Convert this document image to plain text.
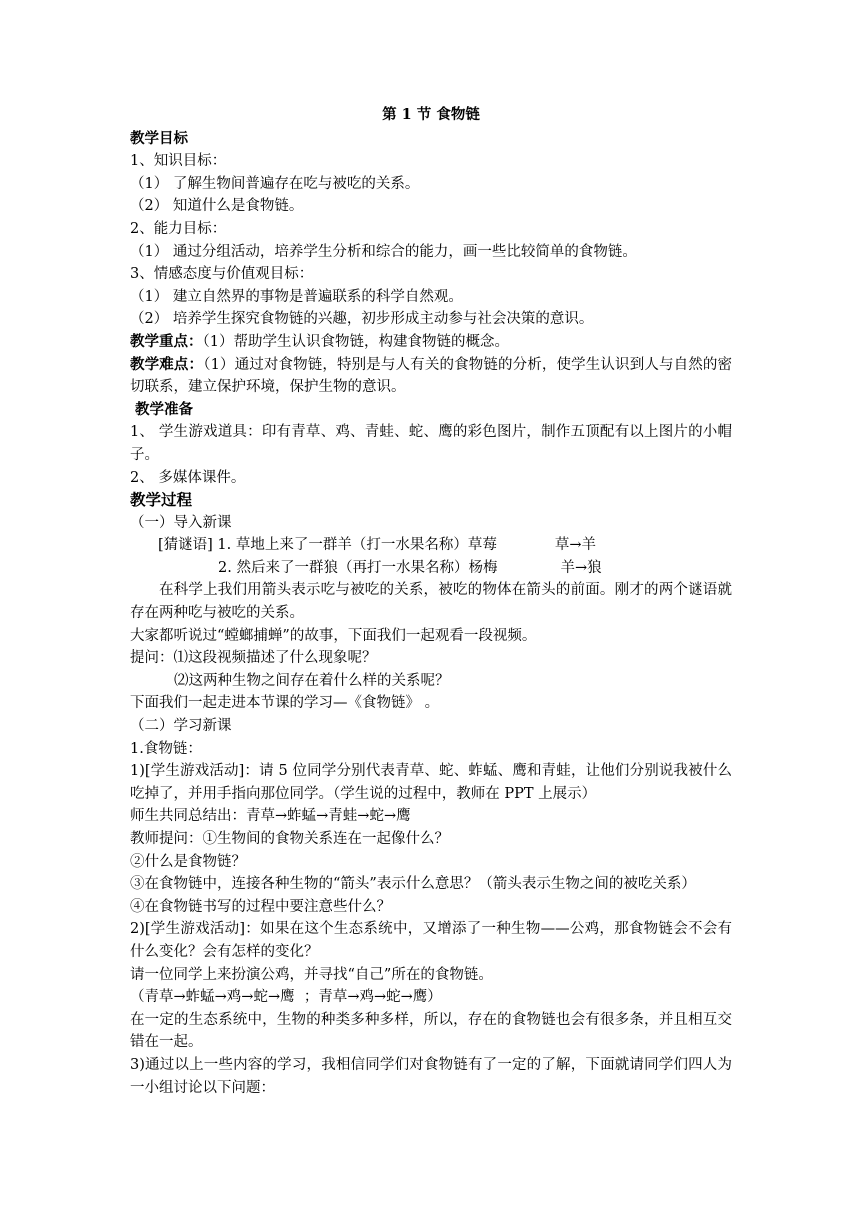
第 1 节 食物链

教学目标

1、知识目标：

（1） 了解生物间普遍存在吃与被吃的关系。

（2） 知道什么是食物链。

2、能力目标：

（1） 通过分组活动，培养学生分析和综合的能力，画一些比较简单的食物链。

3、情感态度与价值观目标：

（1） 建立自然界的事物是普遍联系的科学自然观。

（2） 培养学生探究食物链的兴趣，初步形成主动参与社会决策的意识。

教学重点：（1）帮助学生认识食物链，构建食物链的概念。

教学难点：（1）通过对食物链，特别是与人有关的食物链的分析，使学生认识到人与自然的密切联系，建立保护环境，保护生物的意识。

教学准备

1、 学生游戏道具：印有青草、鸡、青蛙、蛇、鹰的彩色图片，制作五顶配有以上图片的小帽子。

2、 多媒体课件。

教学过程

（一）导入新课

[猜谜语] 1. 草地上来了一群羊（打一水果名称）草莓	草→羊

2. 然后来了一群狼（再打一水果名称）杨梅	羊→狼

在科学上我们用箭头表示吃与被吃的关系，被吃的物体在箭头的前面。刚才的两个谜语就存在两种吃与被吃的关系。

大家都听说过“螳螂捕蝉”的故事，下面我们一起观看一段视频。

提问：⑴这段视频描述了什么现象呢？

⑵这两种生物之间存在着什么样的关系呢？

下面我们一起走进本节课的学习—《食物链》 。

（二）学习新课

1.食物链：

1)[学生游戏活动]：请 5 位同学分别代表青草、蛇、蚱蜢、鹰和青蛙，让他们分别说我被什么吃掉了，并用手指向那位同学。（学生说的过程中，教师在 PPT 上展示）

师生共同总结出：青草→蚱蜢→青蛙→蛇→鹰

教师提问：①生物间的食物关系连在一起像什么？

②什么是食物链？

③在食物链中，连接各种生物的“箭头”表示什么意思？（箭头表示生物之间的被吃关系）

④在食物链书写的过程中要注意些什么？

2)[学生游戏活动]：如果在这个生态系统中，又增添了一种生物——公鸡，那食物链会不会有什么变化？会有怎样的变化？

请一位同学上来扮演公鸡，并寻找“自己”所在的食物链。

（青草→蚱蜢→鸡→蛇→鹰  ；青草→鸡→蛇→鹰）

在一定的生态系统中，生物的种类多种多样，所以，存在的食物链也会有很多条，并且相互交错在一起。

3)通过以上一些内容的学习，我相信同学们对食物链有了一定的了解，下面就请同学们四人为一小组讨论以下问题：
